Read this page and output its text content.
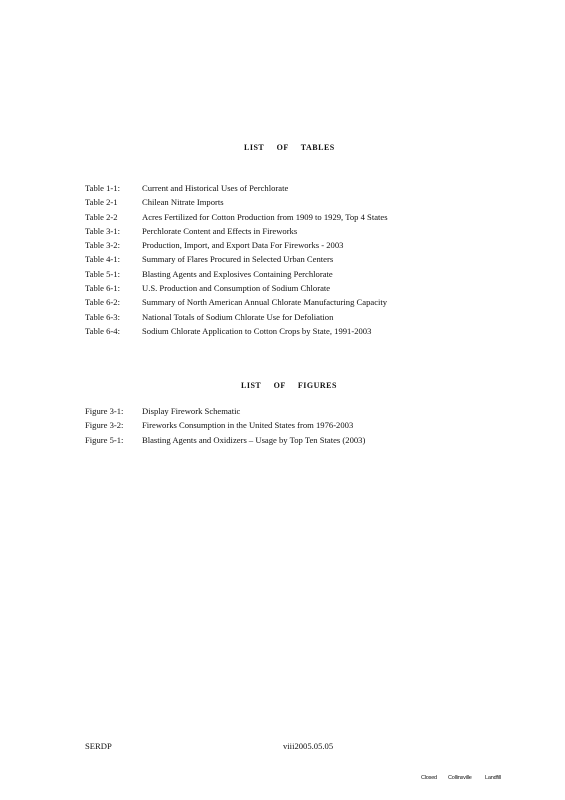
LIST OF TABLES
Table 1-1:	Current and Historical Uses of Perchlorate
Table 2-1	Chilean Nitrate Imports
Table 2-2	Acres Fertilized for Cotton Production from 1909 to 1929, Top 4 States
Table 3-1:	Perchlorate Content and Effects in Fireworks
Table 3-2:	Production, Import, and Export Data For Fireworks - 2003
Table 4-1:	Summary of Flares Procured in Selected Urban Centers
Table 5-1:	Blasting Agents and Explosives Containing Perchlorate
Table 6-1:	U.S. Production and Consumption of Sodium Chlorate
Table 6-2:	Summary of North American Annual Chlorate Manufacturing Capacity
Table 6-3:	National Totals of Sodium Chlorate Use for Defoliation
Table 6-4:	Sodium Chlorate Application to Cotton Crops by State, 1991-2003
LIST OF FIGURES
Figure 3-1: Display Firework Schematic
Figure 3-2: Fireworks Consumption in the United States from 1976-2003
Figure 5-1: Blasting Agents and Oxidizers – Usage by Top Ten States (2003)
SERDP	viii2005.05.05
Closed Collinsville Landfill
